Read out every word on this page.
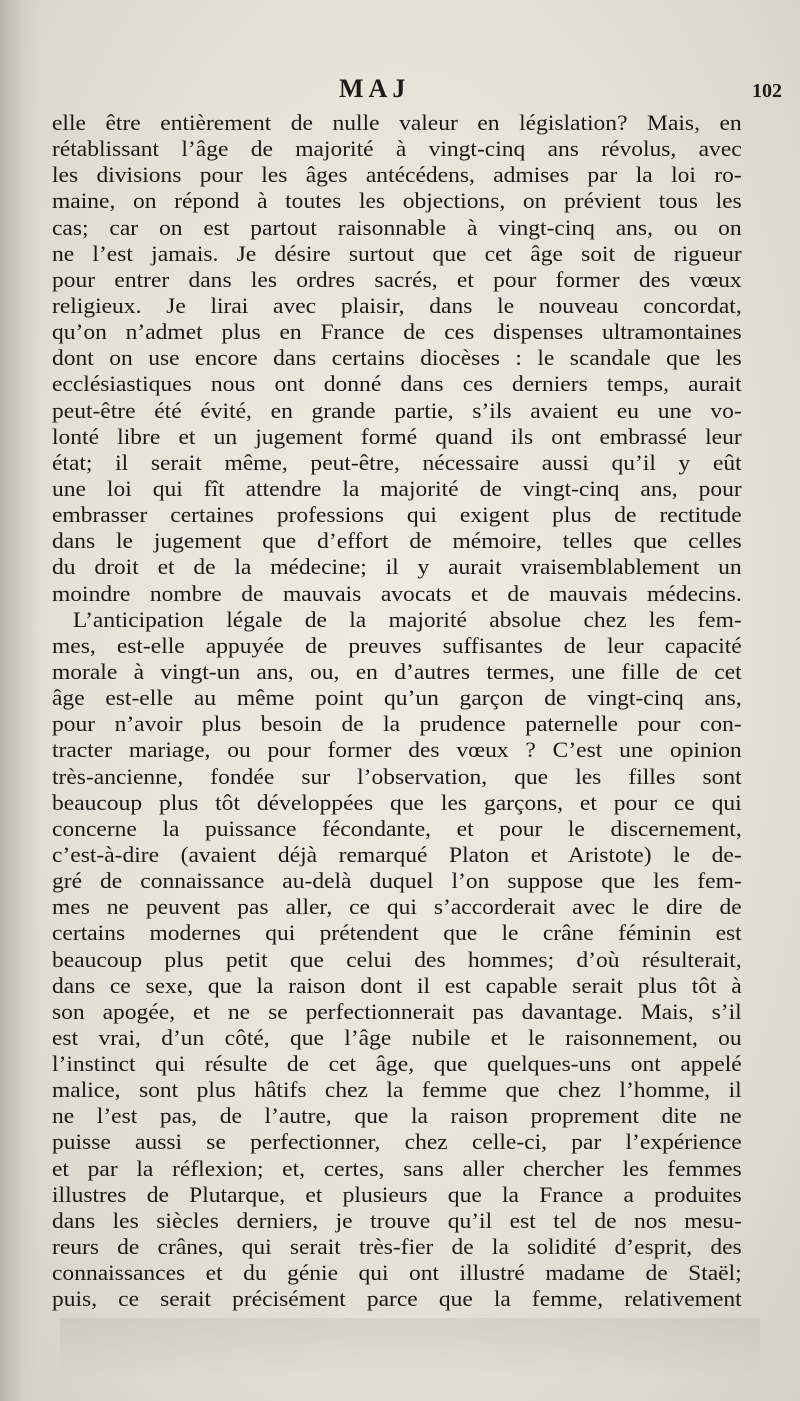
MAJ	102
elle être entièrement de nulle valeur en législation? Mais, en
rétablissant l’âge de majorité à vingt-cinq ans révolus, avec
les divisions pour les âges antécédens, admises par la loi ro-
maine, on répond à toutes les objections, on prévient tous les
cas; car on est partout raisonnable à vingt-cinq ans, ou on
ne l’est jamais. Je désire surtout que cet âge soit de rigueur
pour entrer dans les ordres sacrés, et pour former des vœux
religieux. Je lirai avec plaisir, dans le nouveau concordat,
qu’on n’admet plus en France de ces dispenses ultramontaines
dont on use encore dans certains diocèses : le scandale que les
ecclésiastiques nous ont donné dans ces derniers temps, aurait
peut-être été évité, en grande partie, s’ils avaient eu une vo-
lonté libre et un jugement formé quand ils ont embrassé leur
état; il serait même, peut-être, nécessaire aussi qu’il y eût
une loi qui fît attendre la majorité de vingt-cinq ans, pour
embrasser certaines professions qui exigent plus de rectitude
dans le jugement que d’effort de mémoire, telles que celles
du droit et de la médecine; il y aurait vraisemblablement un
moindre nombre de mauvais avocats et de mauvais médecins.
L’anticipation légale de la majorité absolue chez les fem-
mes, est-elle appuyée de preuves suffisantes de leur capacité
morale à vingt-un ans, ou, en d’autres termes, une fille de cet
âge est-elle au même point qu’un garçon de vingt-cinq ans,
pour n’avoir plus besoin de la prudence paternelle pour con-
tracter mariage, ou pour former des vœux ? C’est une opinion
très-ancienne, fondée sur l’observation, que les filles sont
beaucoup plus tôt développées que les garçons, et pour ce qui
concerne la puissance fécondante, et pour le discernement,
c’est-à-dire (avaient déjà remarqué Platon et Aristote) le de-
gré de connaissance au-delà duquel l’on suppose que les fem-
mes ne peuvent pas aller, ce qui s’accorderait avec le dire de
certains modernes qui prétendent que le crâne féminin est
beaucoup plus petit que celui des hommes; d’où résulterait,
dans ce sexe, que la raison dont il est capable serait plus tôt à
son apogée, et ne se perfectionnerait pas davantage. Mais, s’il
est vrai, d’un côté, que l’âge nubile et le raisonnement, ou
l’instinct qui résulte de cet âge, que quelques-uns ont appelé
malice, sont plus hâtifs chez la femme que chez l’homme, il
ne l’est pas, de l’autre, que la raison proprement dite ne
puisse aussi se perfectionner, chez celle-ci, par l’expérience
et par la réflexion; et, certes, sans aller chercher les femmes
illustres de Plutarque, et plusieurs que la France a produites
dans les siècles derniers, je trouve qu’il est tel de nos mesu-
reurs de crânes, qui serait très-fier de la solidité d’esprit, des
connaissances et du génie qui ont illustré madame de Staël;
puis, ce serait précisément parce que la femme, relativement
